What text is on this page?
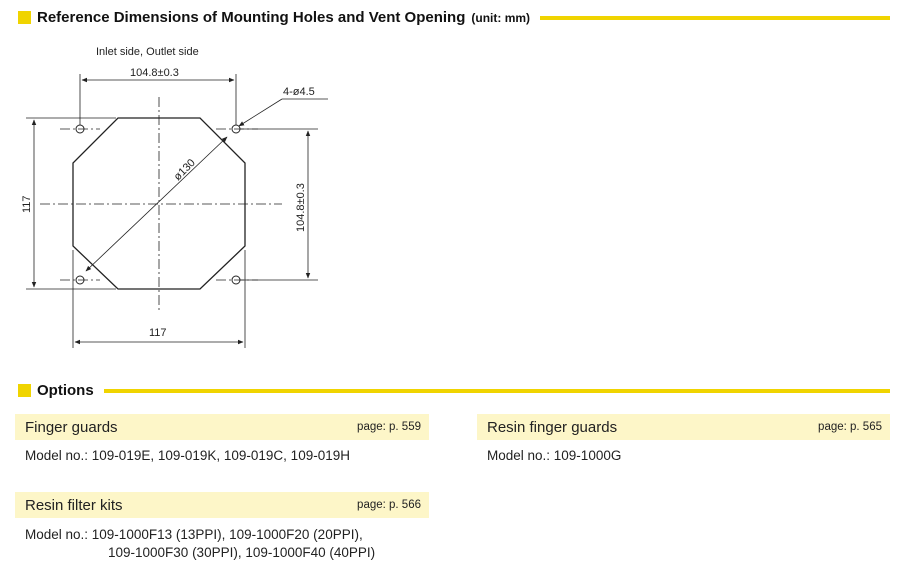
Reference Dimensions of Mounting Holes and Vent Opening (unit: mm)
Inlet side, Outlet side
104.8±0.3
4-ø4.5
ø130
104.8±0.3
117
117
Options
Finger guards	page: p. 559
Model no.: 109-019E, 109-019K, 109-019C, 109-019H
Resin finger guards	page: p. 565
Model no.: 109-1000G
Resin filter kits	page: p. 566
Model no.: 109-1000F13 (13PPI), 109-1000F20 (20PPI),
109-1000F30 (30PPI), 109-1000F40 (40PPI)
